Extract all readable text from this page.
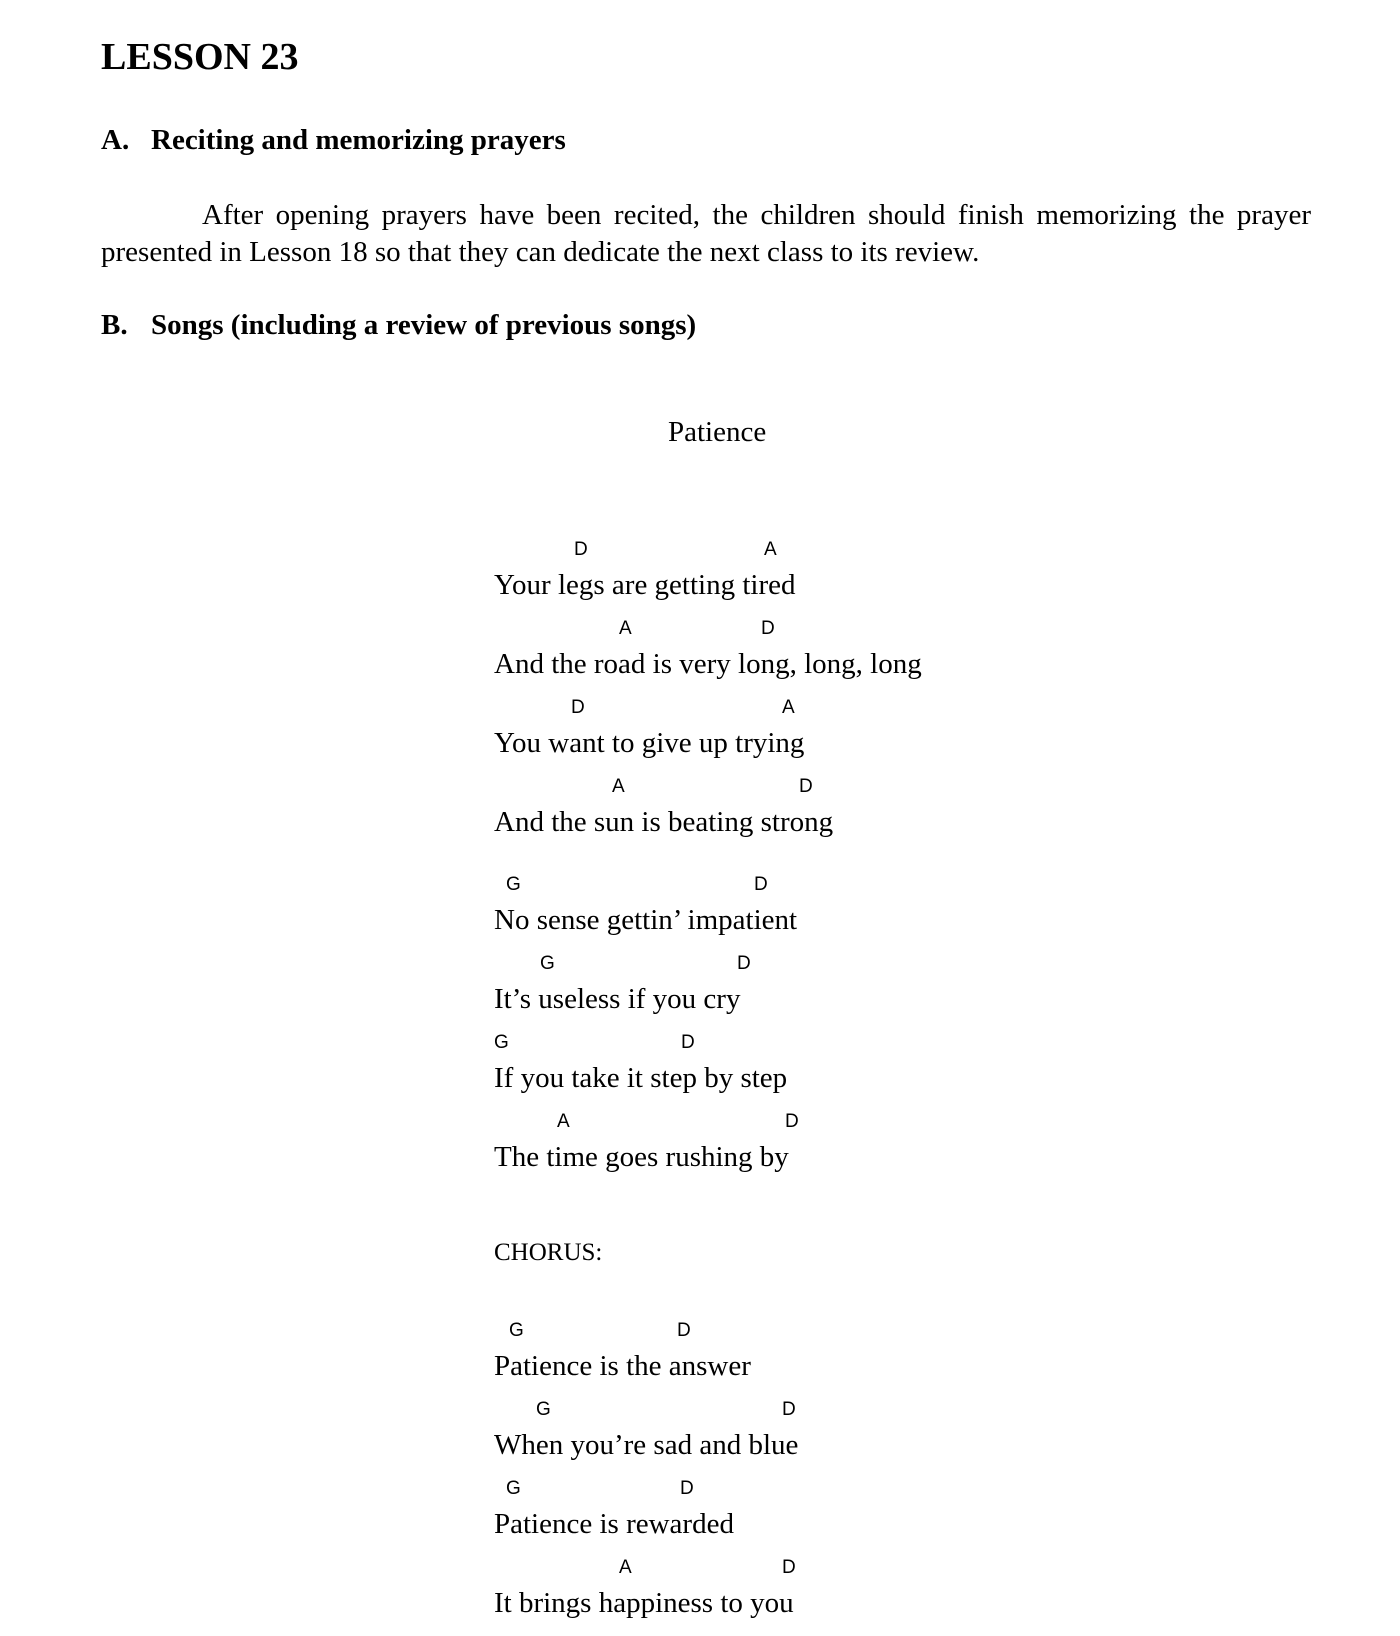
LESSON 23
A. Reciting and memorizing prayers

After opening prayers have been recited, the children should finish memorizing the prayer presented in Lesson 18 so that they can dedicate the next class to its review.

B. Songs (including a review of previous songs)
Patience
D	A
Your legs are getting tired
A	D
And the road is very long, long, long
D	A
You want to give up trying
A	D
And the sun is beating strong
G	D
No sense gettin’ impatient
G	D
It’s useless if you cry
G	D
If you take it step by step
A	D
The time goes rushing by
CHORUS:
G	D
Patience is the answer
G	D
When you’re sad and blue
G	D
Patience is rewarded
A	D
It brings happiness to you
